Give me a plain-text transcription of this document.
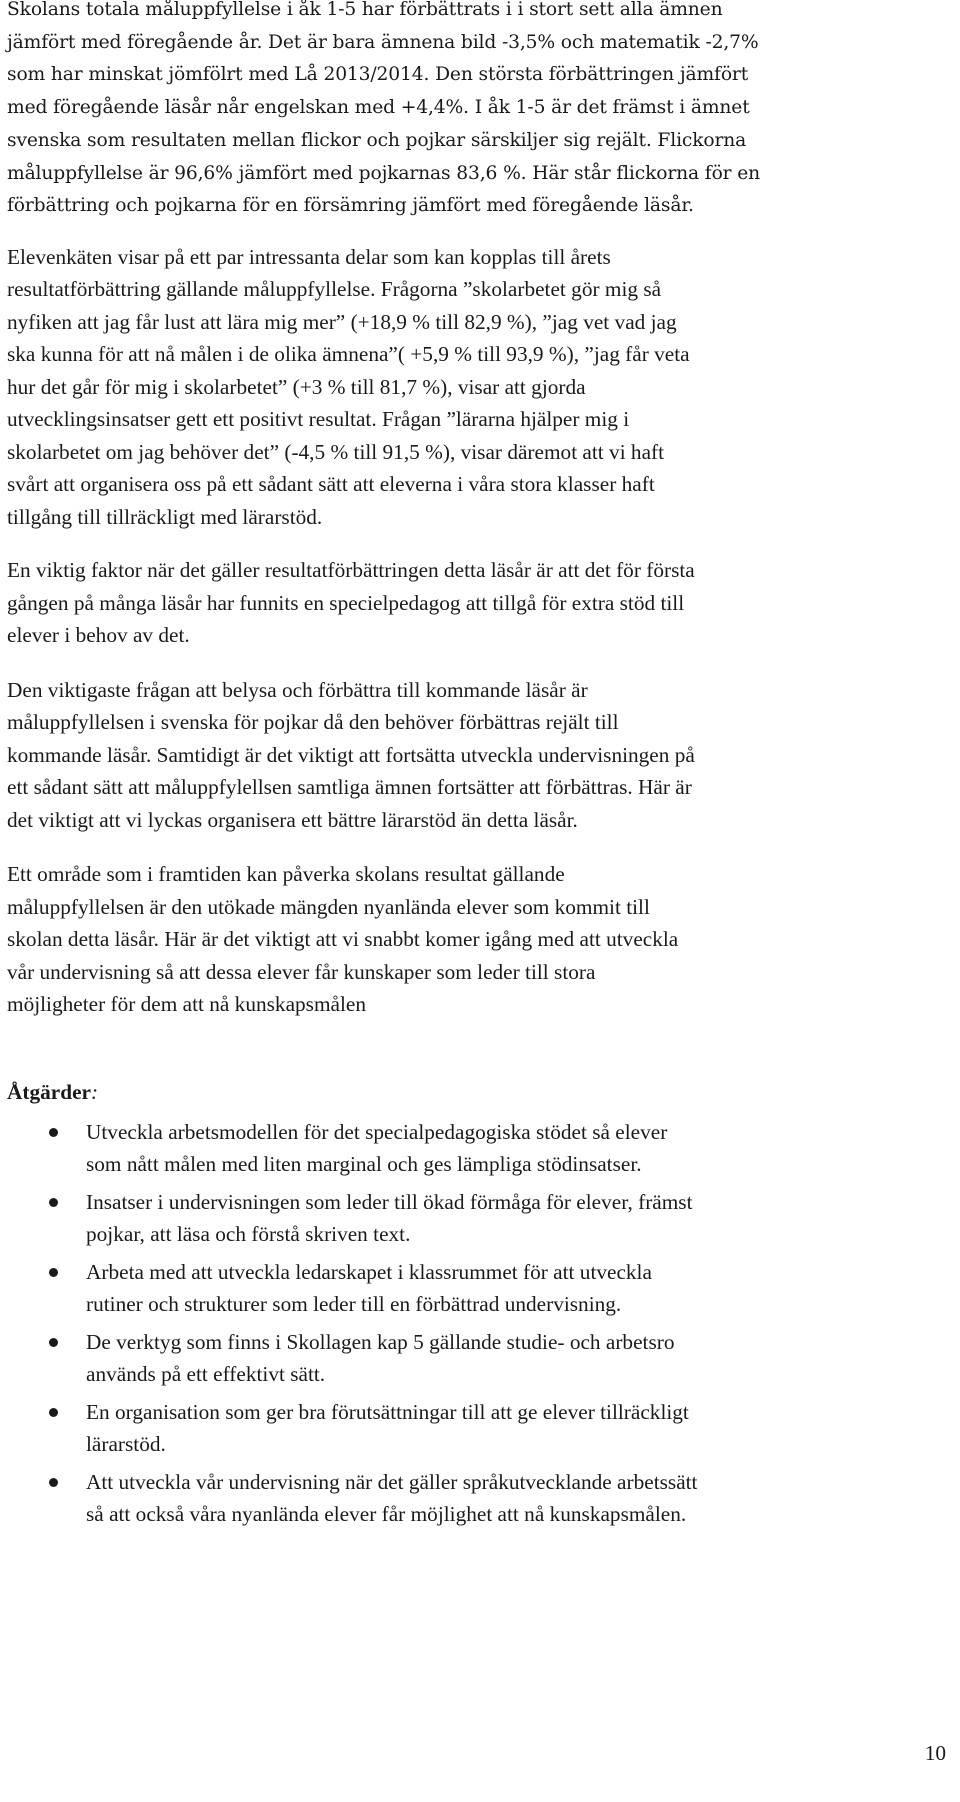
Skolans totala måluppfyllelse i åk 1-5 har förbättrats i i stort sett alla ämnen
jämfört med föregående år. Det är bara ämnena bild -3,5% och matematik -2,7%
som har minskat jömfölrt med Lå 2013/2014. Den största förbättringen jämfört
med föregående läsår når engelskan med +4,4%. I åk 1-5 är det främst i ämnet
svenska som resultaten mellan flickor och pojkar särskiljer sig rejält. Flickorna
måluppfyllelse är 96,6% jämfört med pojkarnas 83,6 %. Här står flickorna för en
förbättring och pojkarna för en försämring jämfört med föregående läsår.

Elevenkäten visar på ett par intressanta delar som kan kopplas till årets
resultatförbättring gällande måluppfyllelse. Frågorna ”skolarbetet gör mig så
nyfiken att jag får lust att lära mig mer” (+18,9 % till 82,9 %), ”jag vet vad jag
ska kunna för att nå målen i de olika ämnena”( +5,9 % till 93,9 %), ”jag får veta
hur det går för mig i skolarbetet” (+3 % till 81,7 %), visar att gjorda
utvecklingsinsatser gett ett positivt resultat. Frågan ”lärarna hjälper mig i
skolarbetet om jag behöver det” (-4,5 % till 91,5 %), visar däremot att vi haft
svårt att organisera oss på ett sådant sätt att eleverna i våra stora klasser haft
tillgång till tillräckligt med lärarstöd.

En viktig faktor när det gäller resultatförbättringen detta läsår är att det för första
gången på många läsår har funnits en specielpedagog att tillgå för extra stöd till
elever i behov av det.

Den viktigaste frågan att belysa och förbättra till kommande läsår är
måluppfyllelsen i svenska för pojkar då den behöver förbättras rejält till
kommande läsår. Samtidigt är det viktigt att fortsätta utveckla undervisningen på
ett sådant sätt att måluppfylellsen samtliga ämnen fortsätter att förbättras. Här är
det viktigt att vi lyckas organisera ett bättre lärarstöd än detta läsår.

Ett område som i framtiden kan påverka skolans resultat gällande
måluppfyllelsen är den utökade mängden nyanlända elever som kommit till
skolan detta läsår. Här är det viktigt att vi snabbt komer igång med att utveckla
vår undervisning så att dessa elever får kunskaper som leder till stora
möjligheter för dem att nå kunskapsmålen

Åtgärder:
Utveckla arbetsmodellen för det specialpedagogiska stödet så elever
som nått målen med liten marginal och ges lämpliga stödinsatser.
Insatser i undervisningen som leder till ökad förmåga för elever, främst
pojkar, att läsa och förstå skriven text.
Arbeta med att utveckla ledarskapet i klassrummet för att utveckla
rutiner och strukturer som leder till en förbättrad undervisning.
De verktyg som finns i Skollagen kap 5 gällande studie- och arbetsro
används på ett effektivt sätt.
En organisation som ger bra förutsättningar till att ge elever tillräckligt
lärarstöd.
Att utveckla vår undervisning när det gäller språkutvecklande arbetssätt
så att också våra nyanlända elever får möjlighet att nå kunskapsmålen.
10
